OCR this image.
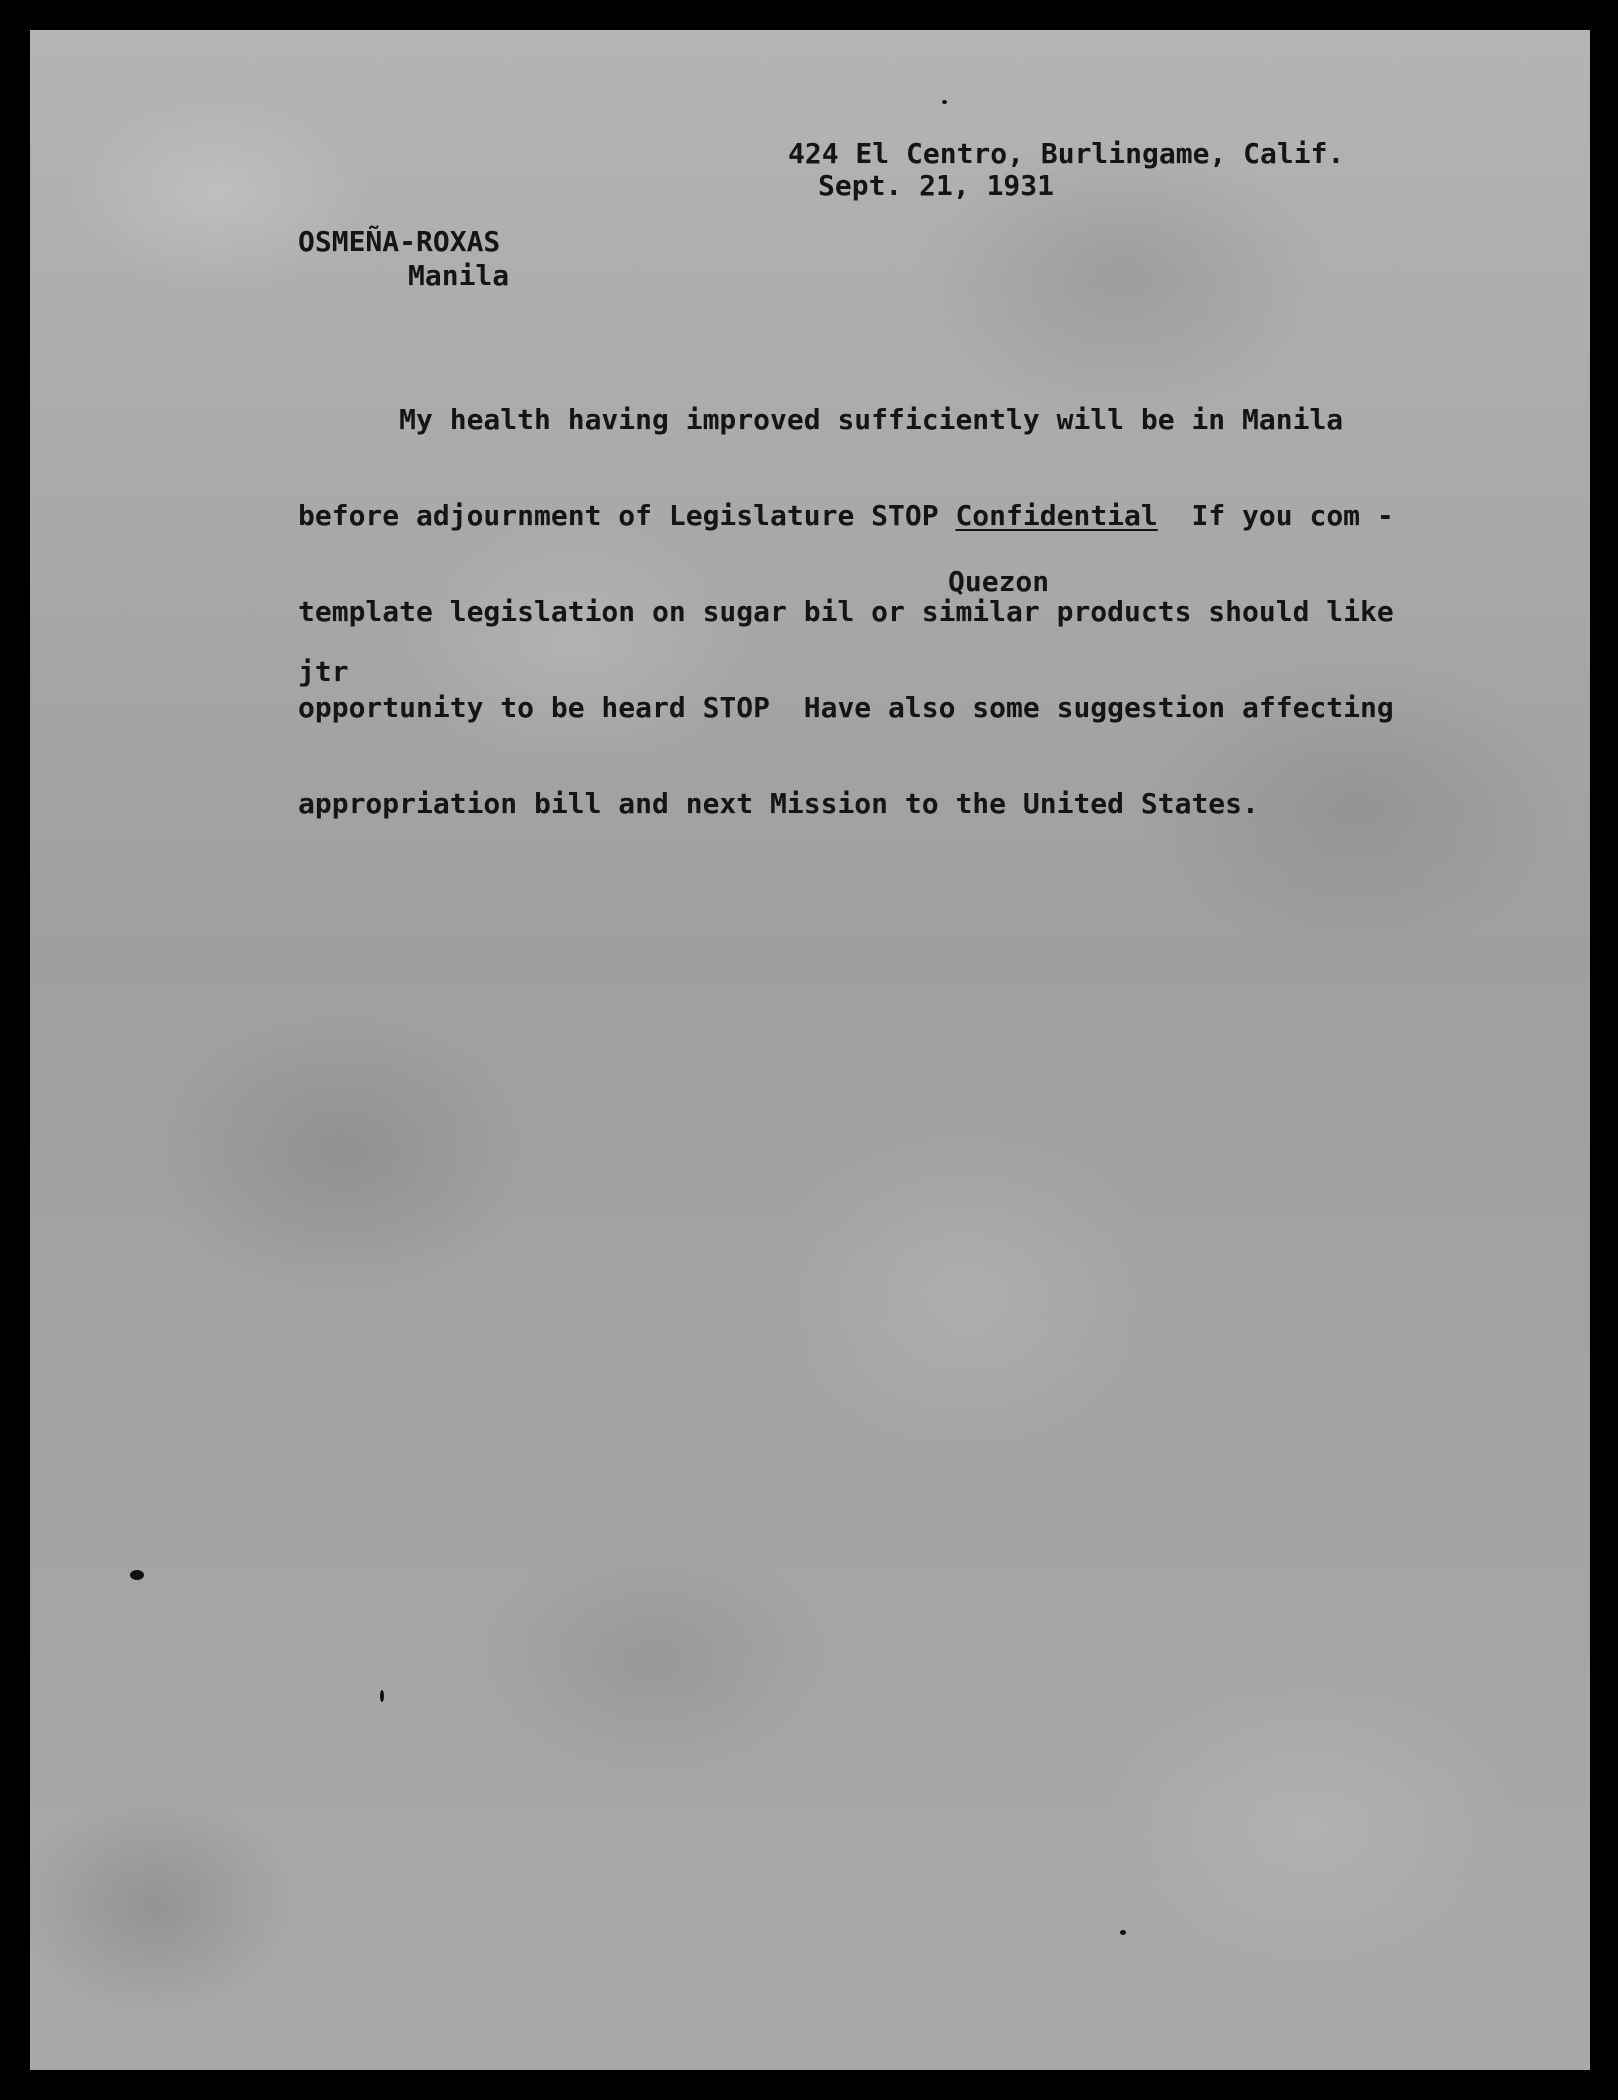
424 El Centro, Burlingame, Calif.

Sept. 21, 1931

OSMEÑA-ROXAS

Manila

My health having improved sufficiently will be in Manila

before adjournment of Legislature STOP Confidential  If you com -

template legislation on sugar bil or similar products should like

opportunity to be heard STOP  Have also some suggestion affecting

appropriation bill and next Mission to the United States.

Quezon

jtr
